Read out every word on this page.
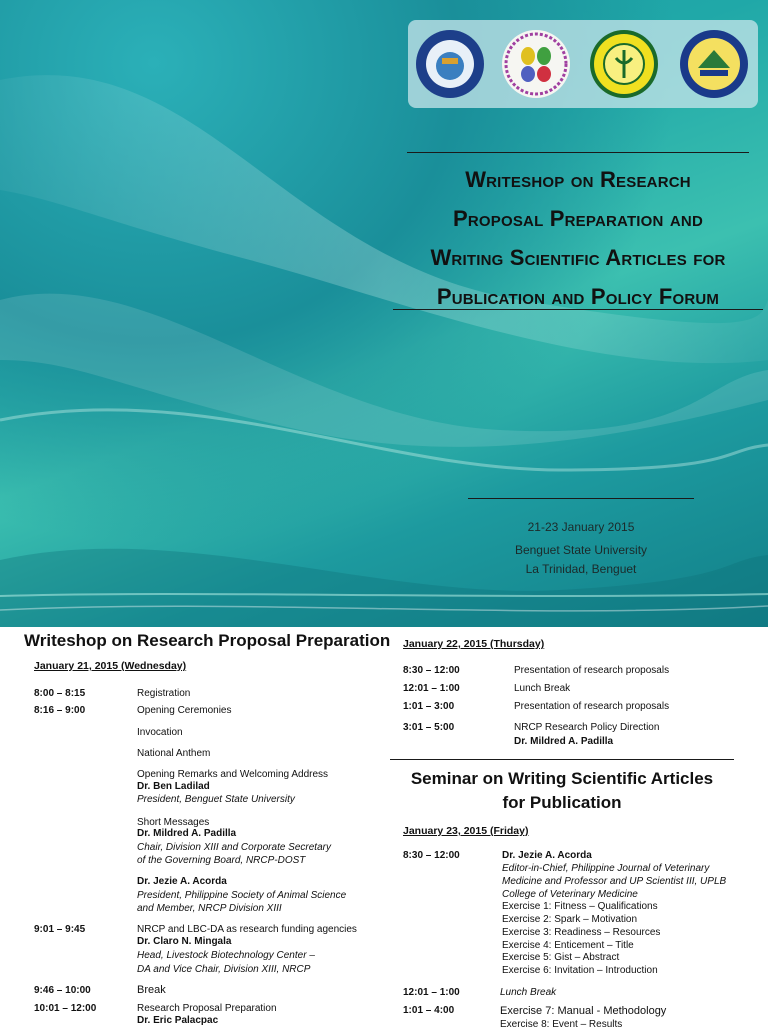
Writeshop on Research
Proposal Preparation and
Writing Scientific Articles for
Publication and Policy Forum
21-23 January 2015
Benguet State University
La Trinidad, Benguet
Writeshop on Research Proposal Preparation
January 21, 2015 (Wednesday)
8:00 – 8:15	Registration
8:16 – 9:00	Opening Ceremonies
Invocation
National Anthem
Opening Remarks and Welcoming Address
Dr. Ben Ladilad
President, Benguet State University
Short Messages
Dr. Mildred A. Padilla
Chair, Division XIII and Corporate Secretary
of the Governing Board, NRCP-DOST
Dr. Jezie A. Acorda
President, Philippine Society of Animal Science
and Member, NRCP Division XIII
9:01 – 9:45	NRCP and LBC-DA as research funding agencies
Dr. Claro N. Mingala
Head, Livestock Biotechnology Center –
DA and Vice Chair, Division XIII, NRCP
9:46 – 10:00	Break
10:01 – 12:00	Research Proposal Preparation
Dr. Eric Palacpac
January 22, 2015 (Thursday)
8:30 – 12:00	Presentation of research proposals
12:01 – 1:00	Lunch Break
1:01 – 3:00	Presentation of research proposals
3:01 – 5:00	NRCP Research Policy Direction
Dr. Mildred A. Padilla
Seminar on Writing Scientific Articles
for Publication
January 23, 2015 (Friday)
8:30 – 12:00	Dr. Jezie A. Acorda
Editor-in-Chief, Philippine Journal of Veterinary
Medicine and Professor and UP Scientist III, UPLB
College of Veterinary Medicine
Exercise 1: Fitness – Qualifications
Exercise 2: Spark – Motivation
Exercise 3: Readiness – Resources
Exercise 4: Enticement – Title
Exercise 5: Gist – Abstract
Exercise 6: Invitation – Introduction
12:01 – 1:00	Lunch Break
1:01 – 4:00	Exercise 7: Manual - Methodology
Exercise 8: Event – Results
